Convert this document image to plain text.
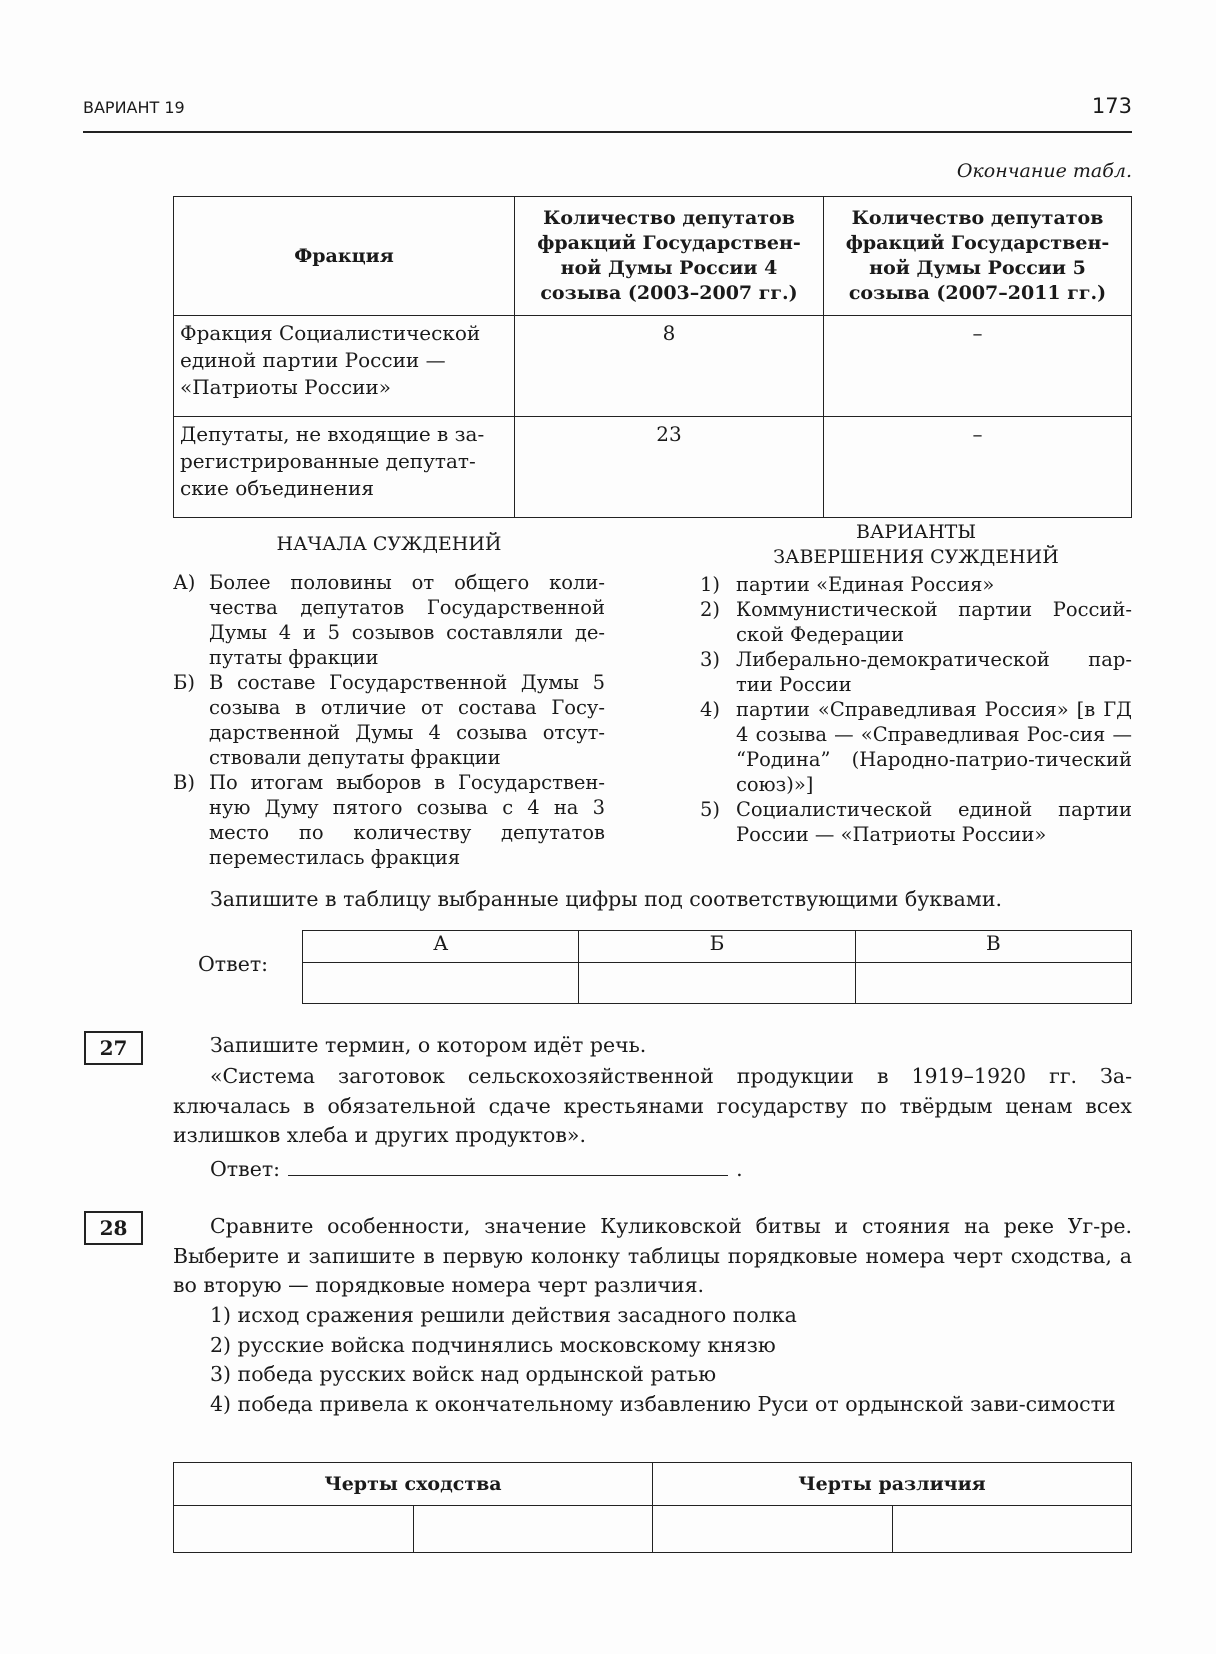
ВАРИАНТ 19	173
Окончание табл.
Фракция	Количество депутатов фракций Государствен-ной Думы России 4 созыва (2003–2007 гг.)	Количество депутатов фракций Государствен-ной Думы России 5 созыва (2007–2011 гг.)
Фракция Социалистической единой партии России — «Патриоты России»	8	–
Депутаты, не входящие в за-регистрированные депутат-ские объединения	23	–
НАЧАЛА СУЖДЕНИЙ
ВАРИАНТЫ
ЗАВЕРШЕНИЯ СУЖДЕНИЙ
А) Более половины от общего коли-чества депутатов Государственной Думы 4 и 5 созывов составляли де-путаты фракции
Б) В составе Государственной Думы 5 созыва в отличие от состава Госу-дарственной Думы 4 созыва отсут-ствовали депутаты фракции
В) По итогам выборов в Государствен-ную Думу пятого созыва с 4 на 3 место по количеству депутатов переместилась фракция
1) партии «Единая Россия»
2) Коммунистической партии Россий-ской Федерации
3) Либерально-демократической пар-тии России
4) партии «Справедливая Россия» [в ГД 4 созыва — «Справедливая Рос-сия — “Родина” (Народно-патрио-тический союз)»]
5) Социалистической единой партии России — «Патриоты России»
Запишите в таблицу выбранные цифры под соответствующими буквами.
Ответ:
А	Б	В

27	Запишите термин, о котором идёт речь.
«Система заготовок сельскохозяйственной продукции в 1919–1920 гг. За-ключалась в обязательной сдаче крестьянами государству по твёрдым ценам всех излишков хлеба и других продуктов».
Ответ:	.
28	Сравните особенности, значение Куликовской битвы и стояния на реке Уг-ре. Выберите и запишите в первую колонку таблицы порядковые номера черт сходства, а во вторую — порядковые номера черт различия.
1) исход сражения решили действия засадного полка
2) русские войска подчинялись московскому князю
3) победа русских войск над ордынской ратью
4) победа привела к окончательному избавлению Руси от ордынской зави-симости
Черты сходства		Черты различия	
